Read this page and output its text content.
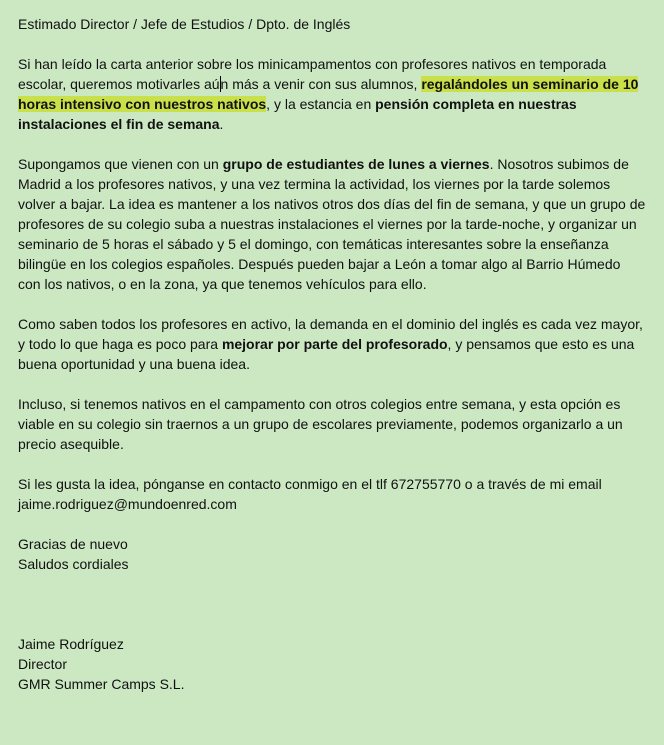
Estimado Director / Jefe de Estudios / Dpto. de Inglés

Si han leído la carta anterior sobre los minicampamentos con profesores nativos en temporada escolar, queremos motivarles aún más a venir con sus alumnos, regalándoles un seminario de 10 horas intensivo con nuestros nativos, y la estancia en pensión completa en nuestras instalaciones el fin de semana.

Supongamos que vienen con un grupo de estudiantes de lunes a viernes. Nosotros subimos de Madrid a los profesores nativos, y una vez termina la actividad, los viernes por la tarde solemos volver a bajar. La idea es mantener a los nativos otros dos días del fin de semana, y que un grupo de profesores de su colegio suba a nuestras instalaciones el viernes por la tarde-noche, y organizar un seminario de 5 horas el sábado y 5 el domingo, con temáticas interesantes sobre la enseñanza bilingüe en los colegios españoles. Después pueden bajar a León a tomar algo al Barrio Húmedo con los nativos, o en la zona, ya que tenemos vehículos para ello.

Como saben todos los profesores en activo, la demanda en el dominio del inglés es cada vez mayor, y todo lo que haga es poco para mejorar por parte del profesorado, y pensamos que esto es una buena oportunidad y una buena idea.

Incluso, si tenemos nativos en el campamento con otros colegios entre semana, y esta opción es viable en su colegio sin traernos a un grupo de escolares previamente, podemos organizarlo a un precio asequible.

Si les gusta la idea, pónganse en contacto conmigo en el tlf 672755770 o a través de mi email
jaime.rodriguez@mundoenred.com

Gracias de nuevo

Saludos cordiales

Jaime Rodríguez

Director

GMR Summer Camps S.L.
